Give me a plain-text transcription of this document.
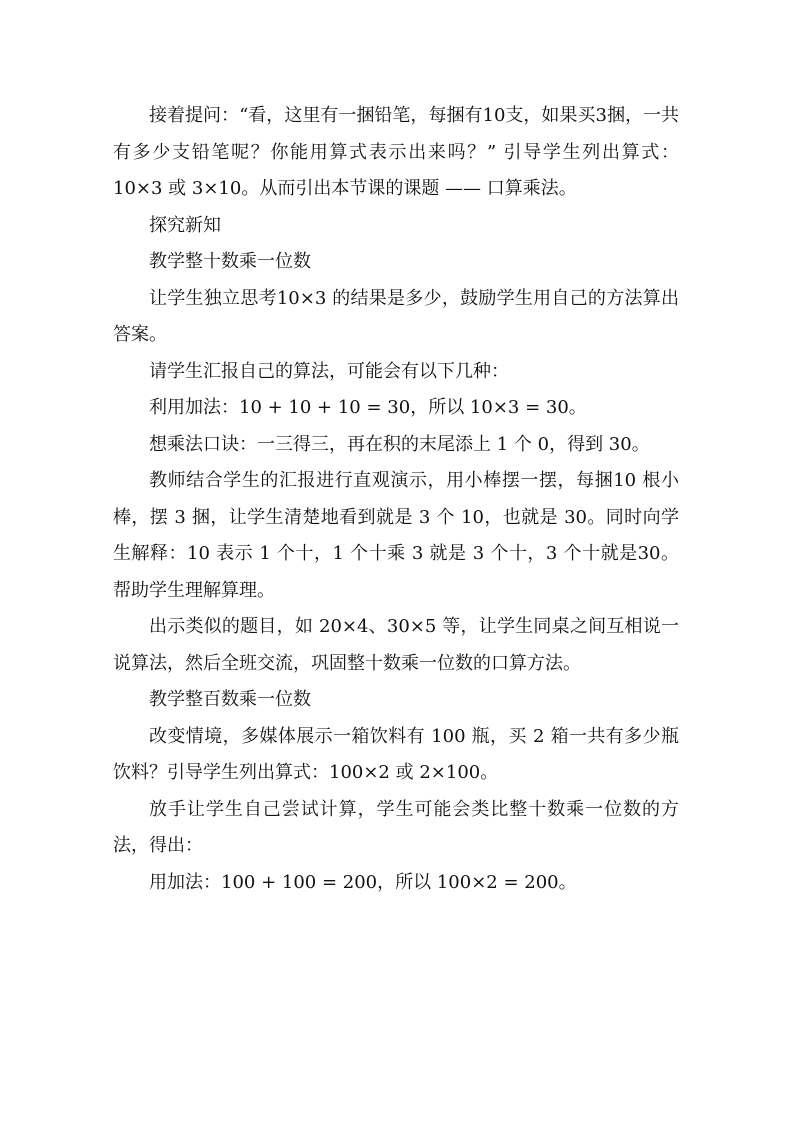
接着提问：“看，这里有一捆铅笔，每捆有10支，如果买3捆，一共有多少支铅笔呢？你能用算式表示出来吗？” 引导学生列出算式：10×3 或 3×10。从而引出本节课的课题 —— 口算乘法。

探究新知

教学整十数乘一位数

让学生独立思考10×3 的结果是多少，鼓励学生用自己的方法算出答案。

请学生汇报自己的算法，可能会有以下几种：

利用加法：10 + 10 + 10 = 30，所以 10×3 = 30。

想乘法口诀：一三得三，再在积的末尾添上 1 个 0，得到 30。

教师结合学生的汇报进行直观演示，用小棒摆一摆，每捆10 根小棒，摆 3 捆，让学生清楚地看到就是 3 个 10，也就是 30。同时向学生解释：10 表示 1 个十，1 个十乘 3 就是 3 个十，3 个十就是30。帮助学生理解算理。

出示类似的题目，如 20×4、30×5 等，让学生同桌之间互相说一说算法，然后全班交流，巩固整十数乘一位数的口算方法。

教学整百数乘一位数

改变情境，多媒体展示一箱饮料有 100 瓶，买 2 箱一共有多少瓶饮料？引导学生列出算式：100×2 或 2×100。

放手让学生自己尝试计算，学生可能会类比整十数乘一位数的方法，得出：

用加法：100 + 100 = 200，所以 100×2 = 200。
